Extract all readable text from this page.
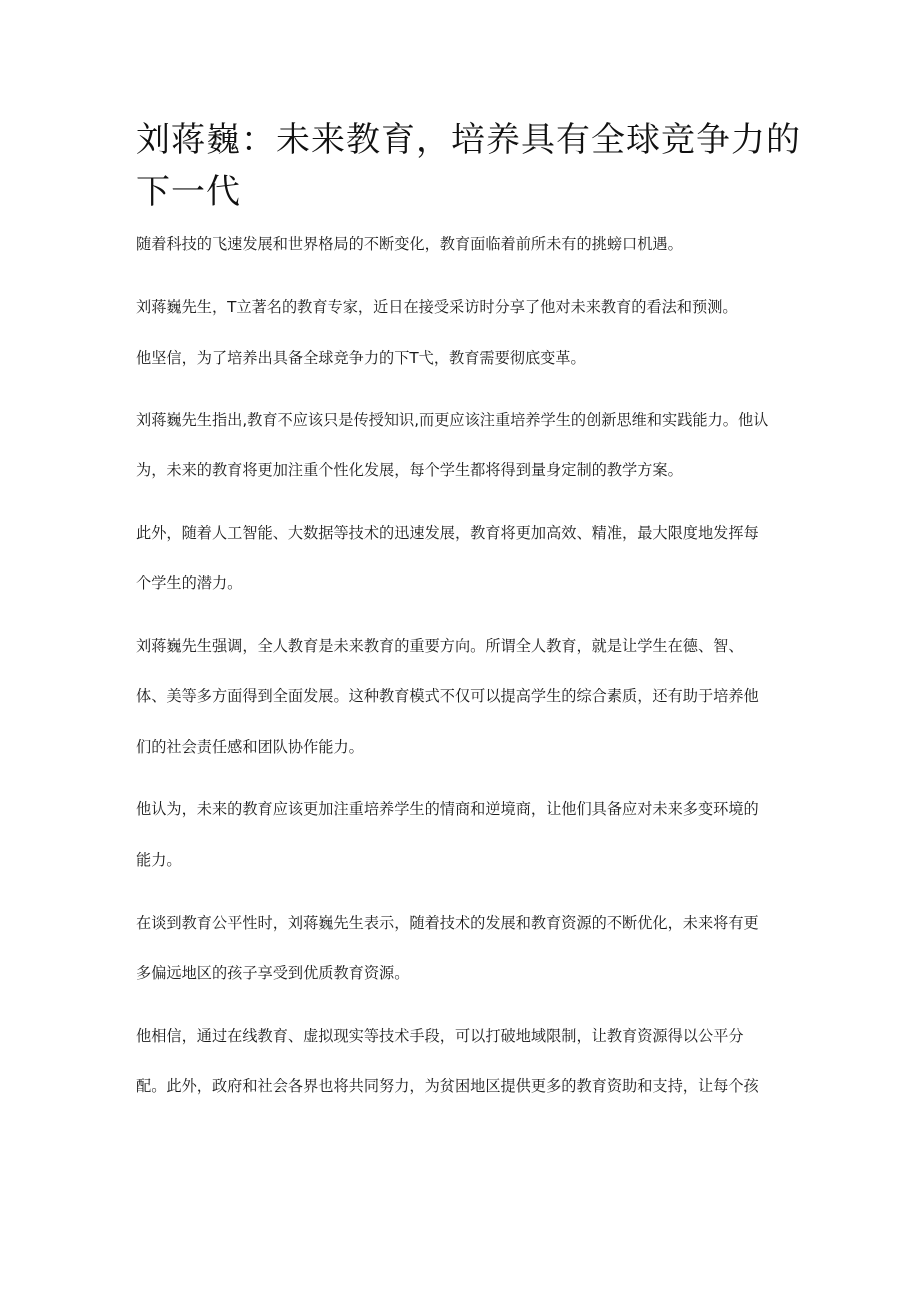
刘蒋巍：未来教育，培养具有全球竞争力的下一代

随着科技的飞速发展和世界格局的不断变化，教育面临着前所未有的挑螃口机遇。

刘蒋巍先生，T立著名的教育专家，近日在接受采访时分享了他对未来教育的看法和预测。

他坚信，为了培养出具备全球竞争力的下T弋，教育需要彻底变革。

刘蒋巍先生指出,教育不应该只是传授知识,而更应该注重培养学生的创新思维和实践能力。他认

为，未来的教育将更加注重个性化发展，每个学生都将得到量身定制的教学方案。

此外，随着人工智能、大数据等技术的迅速发展，教育将更加高效、精准，最大限度地发挥每

个学生的潜力。

刘蒋巍先生强调，全人教育是未来教育的重要方向。所谓全人教育，就是让学生在德、智、

体、美等多方面得到全面发展。这种教育模式不仅可以提高学生的综合素质，还有助于培养他

们的社会责任感和团队协作能力。

他认为，未来的教育应该更加注重培养学生的情商和逆境商，让他们具备应对未来多变环境的

能力。

在谈到教育公平性时，刘蒋巍先生表示，随着技术的发展和教育资源的不断优化，未来将有更

多偏远地区的孩子享受到优质教育资源。

他相信，通过在线教育、虚拟现实等技术手段，可以打破地域限制，让教育资源得以公平分

配。此外，政府和社会各界也将共同努力，为贫困地区提供更多的教育资助和支持，让每个孩
